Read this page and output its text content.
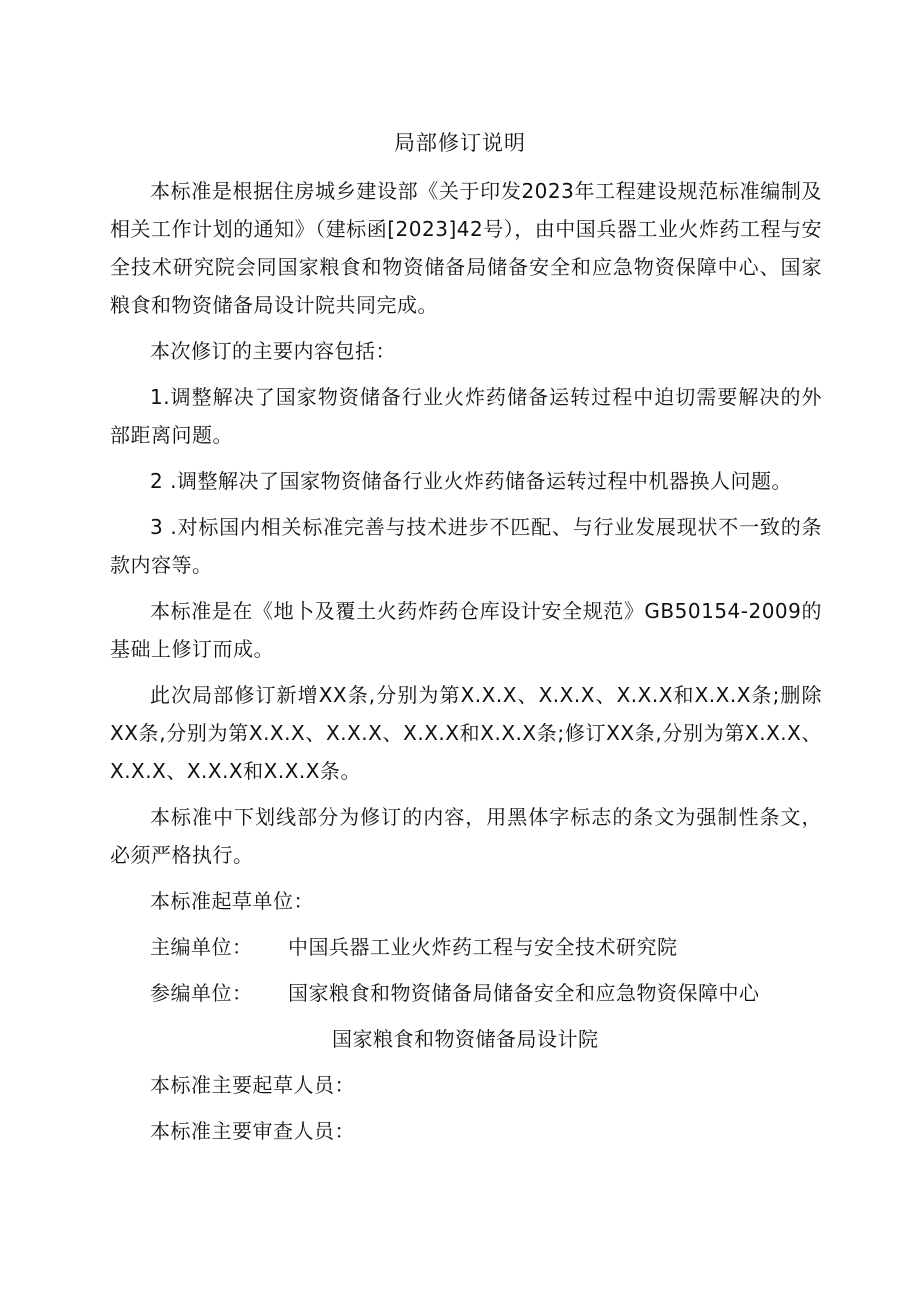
局部修订说明

本标准是根据住房城乡建设部《关于印发2023年工程建设规范标准编制及相关工作计划的通知》（建标函[2023]42号），由中国兵器工业火炸药工程与安全技术研究院会同国家粮食和物资储备局储备安全和应急物资保障中心、国家粮食和物资储备局设计院共同完成。

本次修订的主要内容包括：

1.调整解决了国家物资储备行业火炸药储备运转过程中迫切需要解决的外部距离问题。

2 .调整解决了国家物资储备行业火炸药储备运转过程中机器换人问题。

3 .对标国内相关标准完善与技术进步不匹配、与行业发展现状不一致的条款内容等。

本标准是在《地卜及覆土火药炸药仓库设计安全规范》GB50154-2009的基础上修订而成。

此次局部修订新增XX条,分别为第X.X.X、X.X.X、X.X.X和X.X.X条;删除XX条,分别为第X.X.X、X.X.X、X.X.X和X.X.X条;修订XX条,分别为第X.X.X、X.X.X、X.X.X和X.X.X条。

本标准中下划线部分为修订的内容，用黑体字标志的条文为强制性条文，必须严格执行。

本标准起草单位：

主编单位：	中国兵器工业火炸药工程与安全技术研究院
参编单位：	国家粮食和物资储备局储备安全和应急物资保障中心
国家粮食和物资储备局设计院

本标准主要起草人员：

本标准主要审查人员：
